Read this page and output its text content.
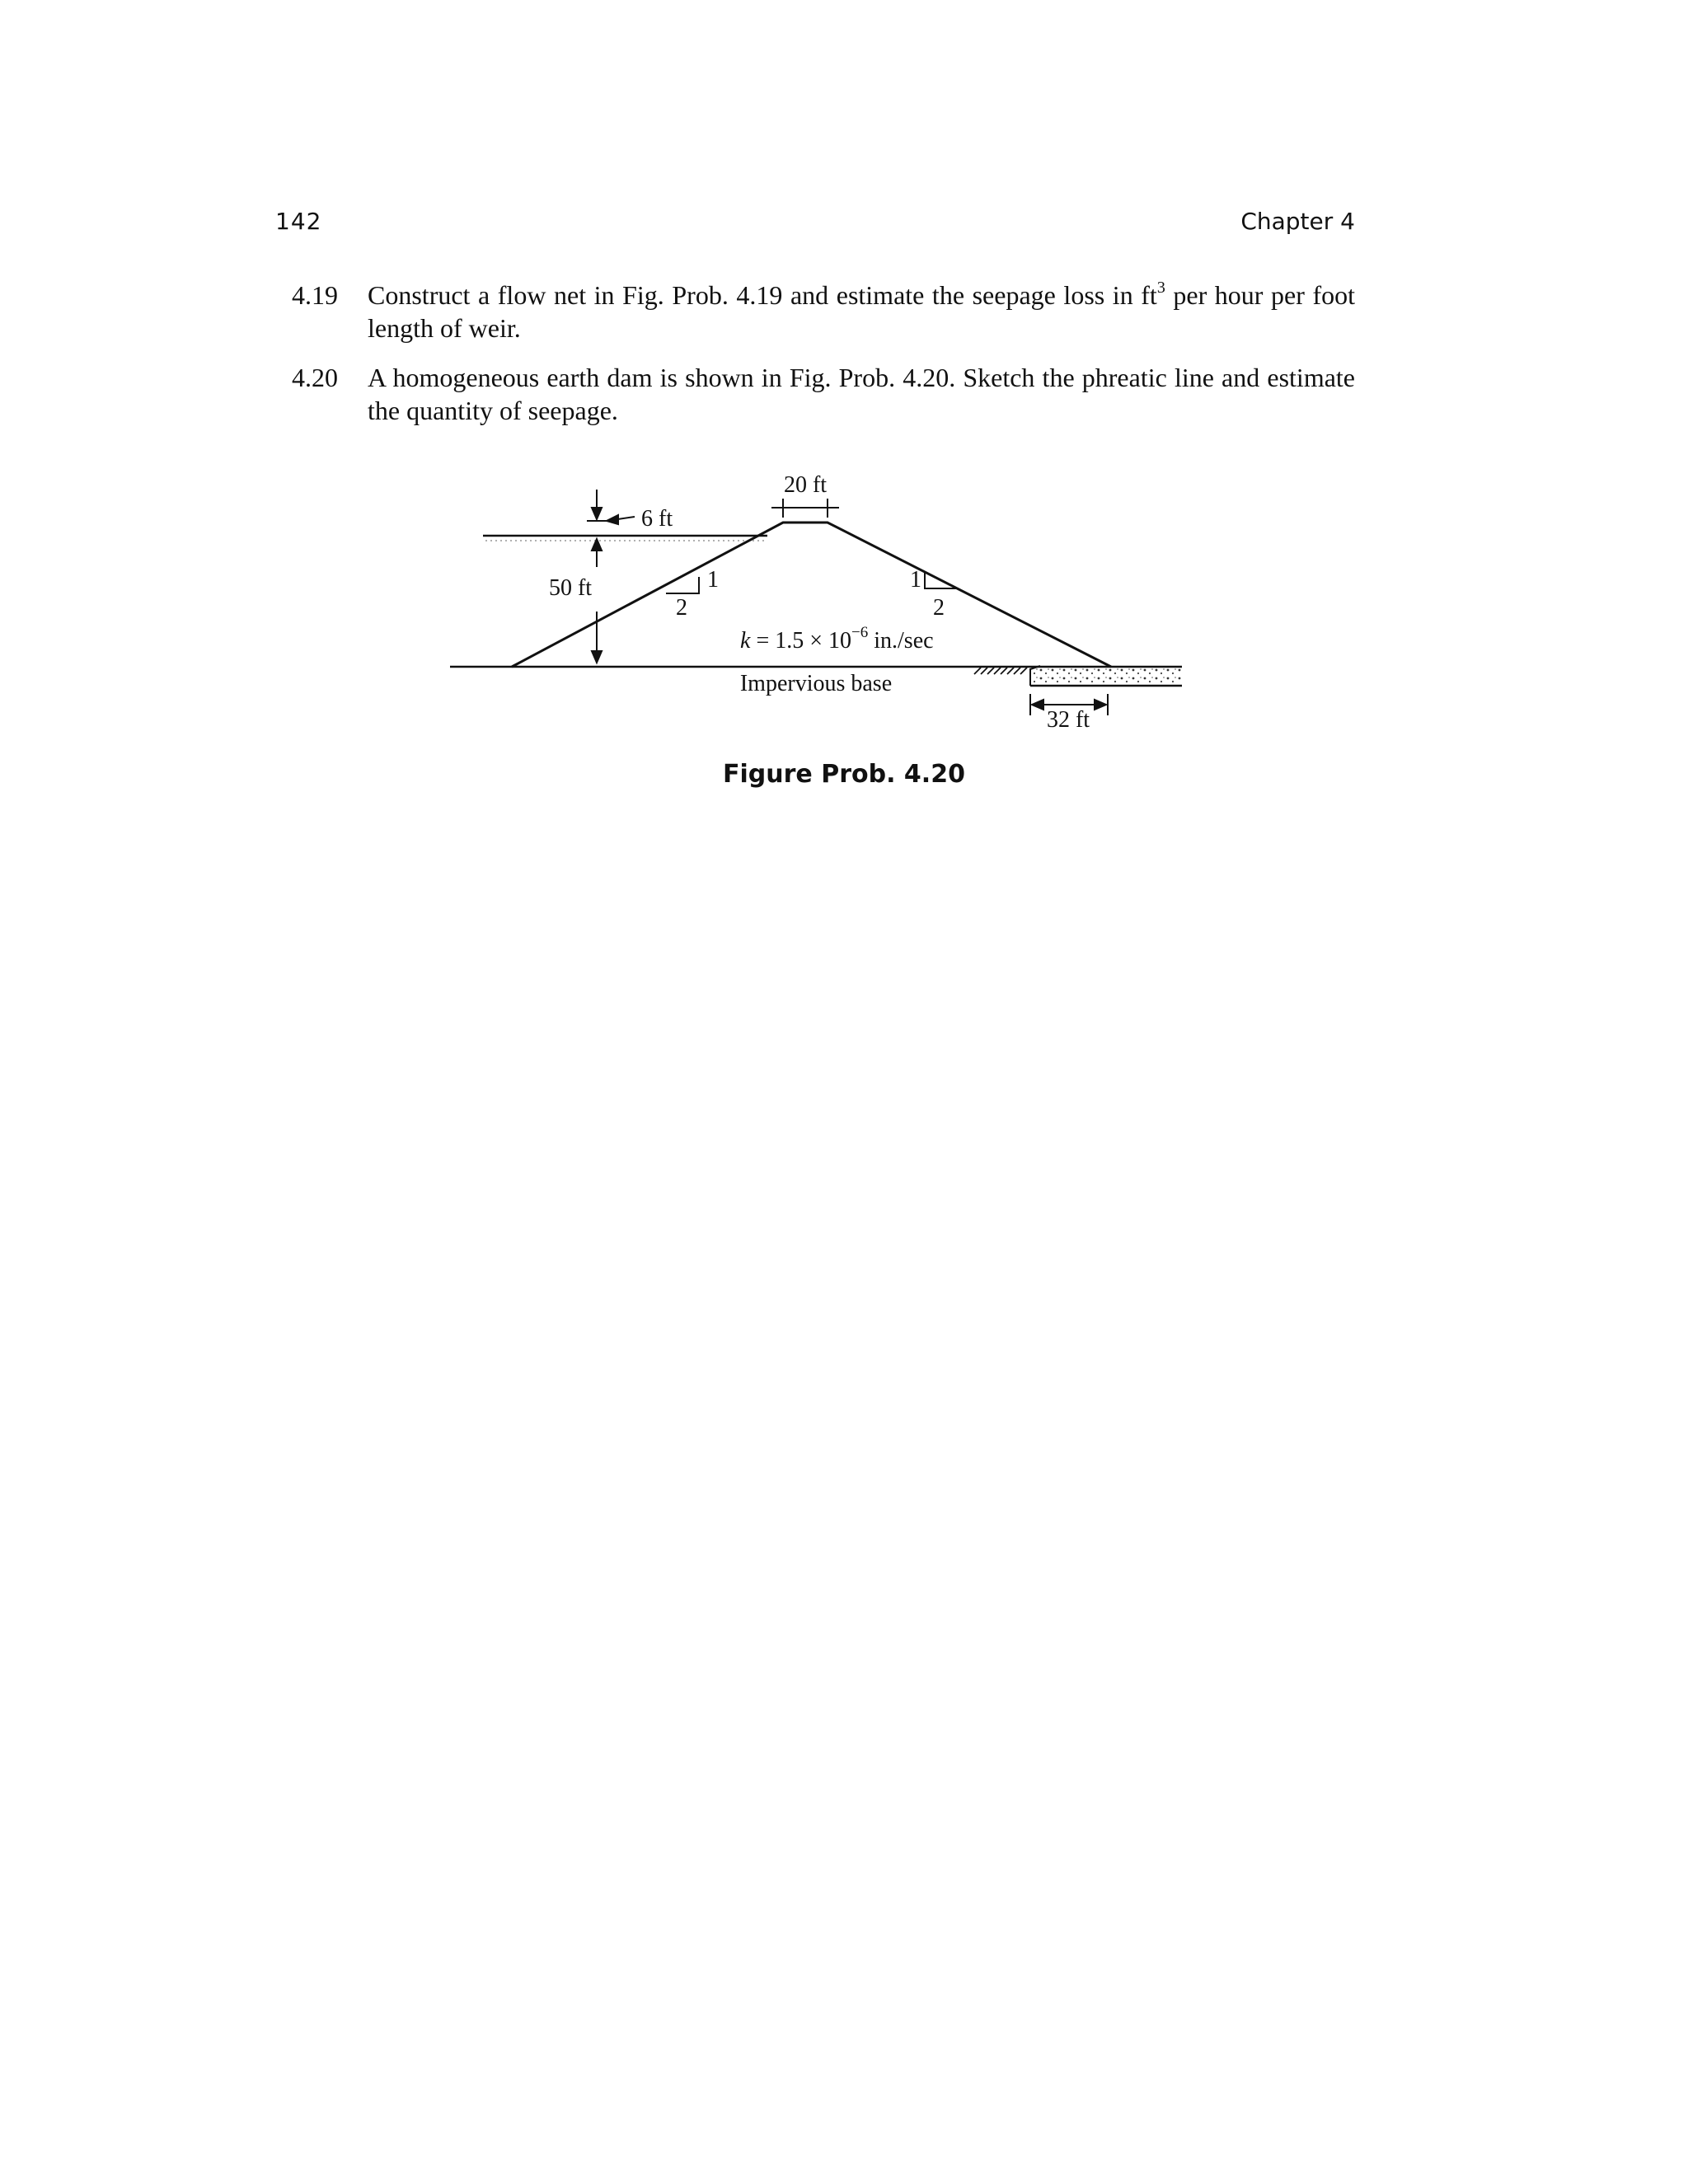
142	Chapter 4
4.19 Construct a flow net in Fig. Prob. 4.19 and estimate the seepage loss in $ft^3$ per hour per foot length of weir.
4.20 A homogeneous earth dam is shown in Fig. Prob. 4.20. Sketch the phreatic line and estimate the quantity of seepage.
20 ft
6 ft
50 ft	1
2
1
2
$k = 1.5 \times 10^{-6}$ in./sec
Impervious base
32 ft
Figure Prob. 4.20
